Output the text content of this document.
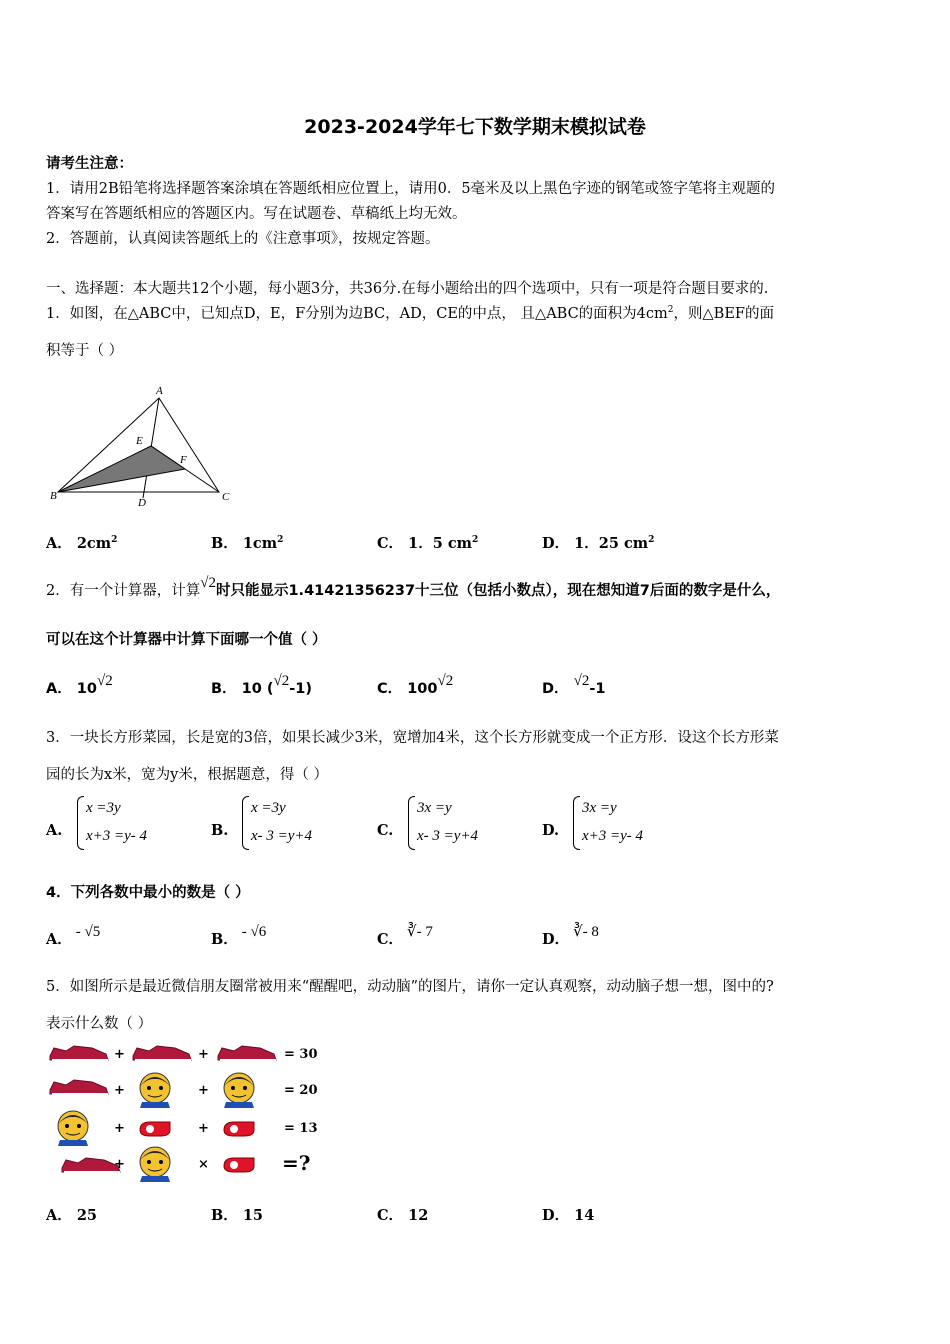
2023-2024学年七下数学期末模拟试卷
请考生注意：
1．请用2B铅笔将选择题答案涂填在答题纸相应位置上，请用0．5毫米及以上黑色字迹的钢笔或签字笔将主观题的
答案写在答题纸相应的答题区内。写在试题卷、草稿纸上均无效。
2．答题前，认真阅读答题纸上的《注意事项》，按规定答题。
一、选择题：本大题共12个小题，每小题3分，共36分.在每小题给出的四个选项中，只有一项是符合题目要求的.
1．如图，在△ABC中，已知点D，E，F分别为边BC，AD，CE的中点， 且△ABC的面积为$4cm^2$，则△BEF的面
积等于（ ）
A
B	C
D
E
F
A． $2cm^2$	B． $1cm^2$	C． 1．5 $cm^2$	D． 1．25 $cm^2$
2．有一个计算器，计算√2时只能显示1.41421356237十三位（包括小数点），现在想知道7后面的数字是什么，
可以在这个计算器中计算下面哪一个值（ ）
A． 10√2	B． 10 (√2-1)	C． 100√2	D． √2-1
3．一块长方形菜园，长是宽的3倍，如果长减少3米，宽增加4米，这个长方形就变成一个正方形．设这个长方形菜
园的长为x米，宽为y米，根据题意，得（ ）
A.
x =3y
x+3 =y- 4	B.
x =3y
x- 3 =y+4	C.
3x =y
x- 3 =y+4	D.
3x =y
x+3 =y- 4
4．下列各数中最小的数是（ ）
A． - √5	B． - √6	C． ∛- 7	D． ∛- 8
5．如图所示是最近微信朋友圈常被用来“醒醒吧，动动脑”的图片，请你一定认真观察，动动脑子想一想，图中的?
表示什么数（ ）
+	+	= 30
+	+	= 20
+	+	= 13
+	×	=?
A． 25	B． 15	C． 12	D． 14
